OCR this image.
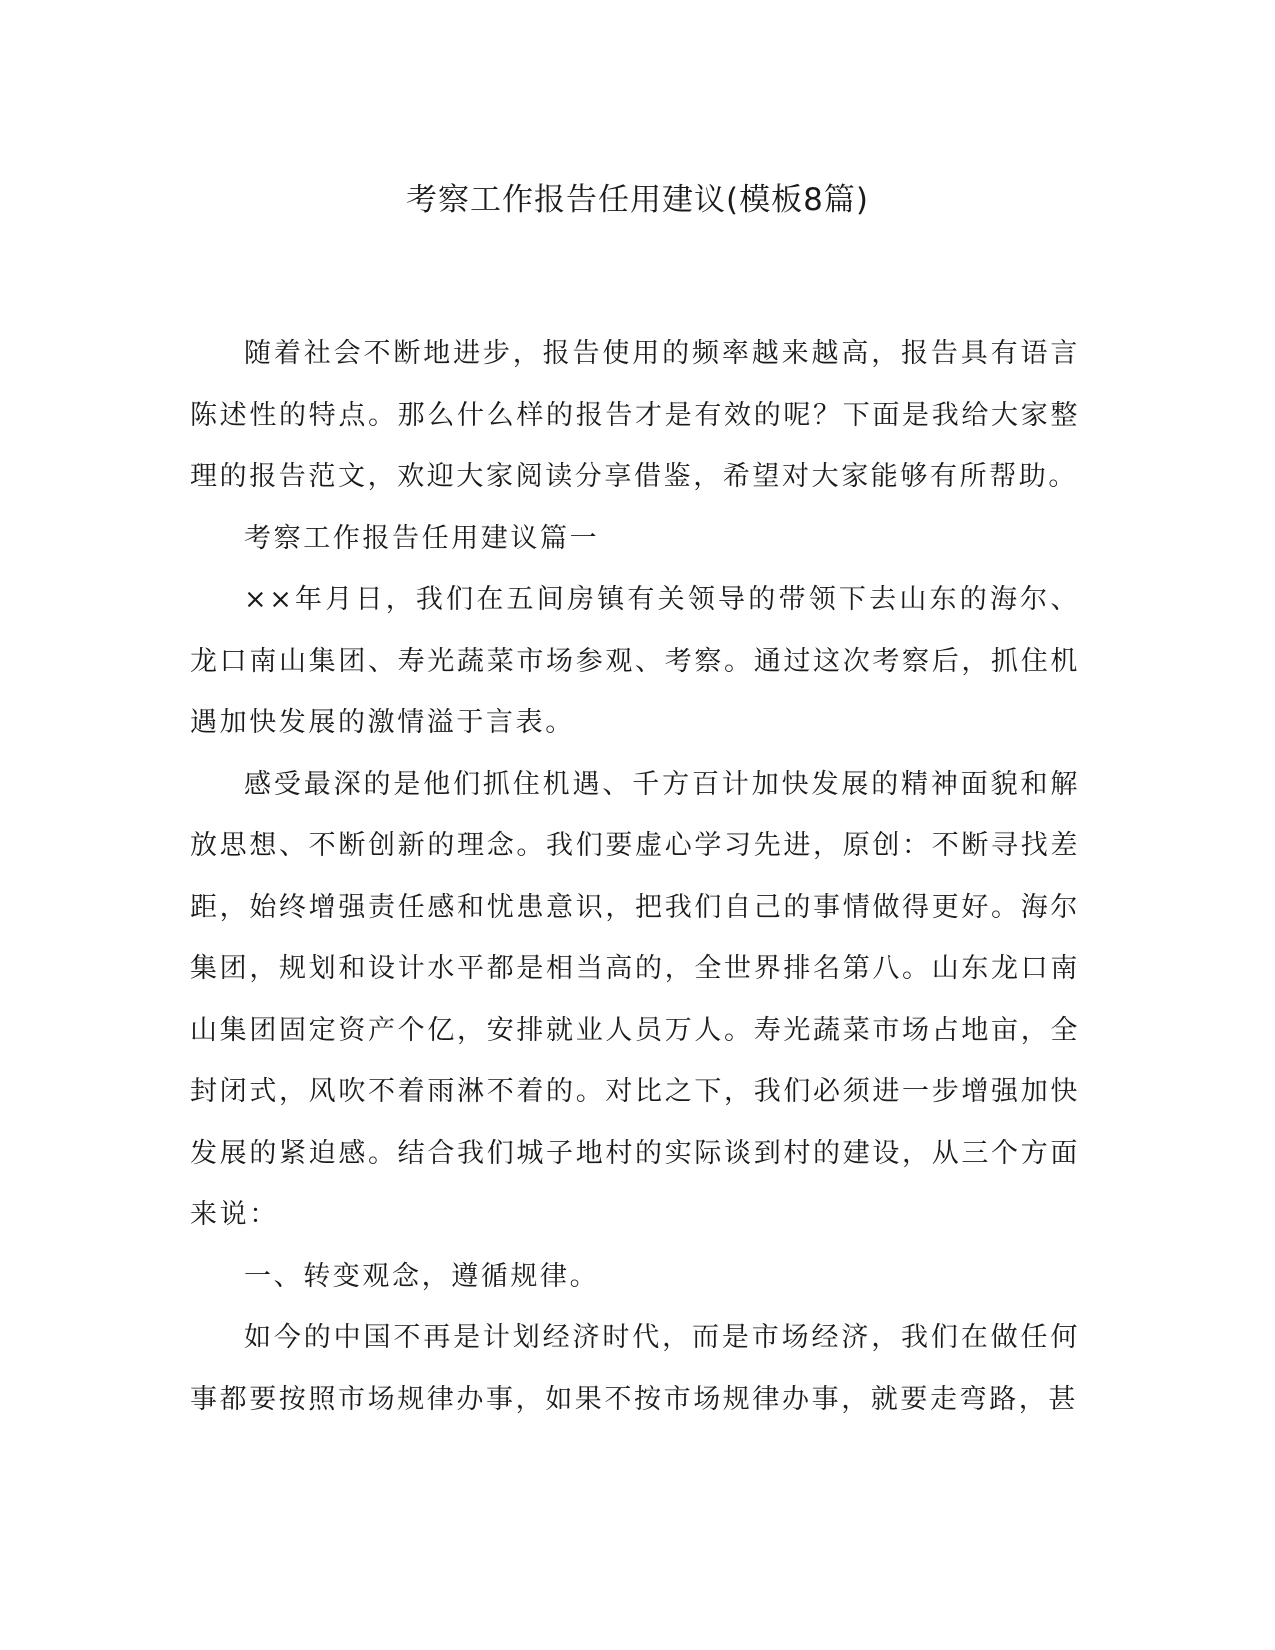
考察工作报告任用建议(模板8篇)

随着社会不断地进步，报告使用的频率越来越高，报告具有语言陈述性的特点。那么什么样的报告才是有效的呢？下面是我给大家整理的报告范文，欢迎大家阅读分享借鉴，希望对大家能够有所帮助。

考察工作报告任用建议篇一

××年月日，我们在五间房镇有关领导的带领下去山东的海尔、龙口南山集团、寿光蔬菜市场参观、考察。通过这次考察后，抓住机遇加快发展的激情溢于言表。

感受最深的是他们抓住机遇、千方百计加快发展的精神面貌和解放思想、不断创新的理念。我们要虚心学习先进，原创：不断寻找差距，始终增强责任感和忧患意识，把我们自己的事情做得更好。海尔集团，规划和设计水平都是相当高的，全世界排名第八。山东龙口南山集团固定资产个亿，安排就业人员万人。寿光蔬菜市场占地亩，全封闭式，风吹不着雨淋不着的。对比之下，我们必须进一步增强加快发展的紧迫感。结合我们城子地村的实际谈到村的建设，从三个方面来说：

一、转变观念，遵循规律。

如今的中国不再是计划经济时代，而是市场经济，我们在做任何事都要按照市场规律办事，如果不按市场规律办事，就要走弯路，甚
